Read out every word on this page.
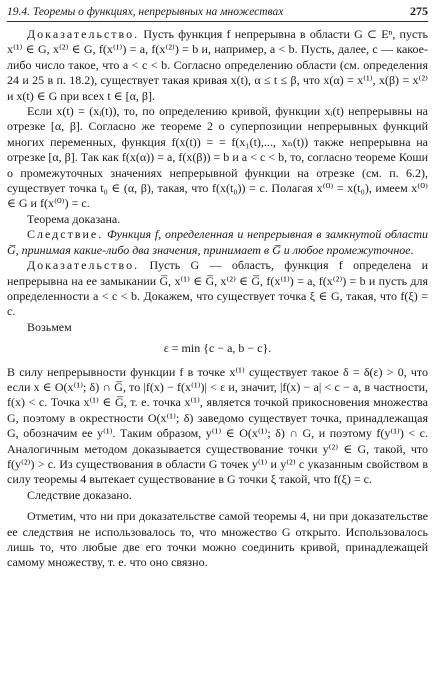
19.4. Теоремы о функциях, непрерывных на множествах	275

Доказательство. Пусть функция f непрерывна в области G ⊂ Eⁿ, пусть x⁽¹⁾ ∈ G, x⁽²⁾ ∈ G, f(x⁽¹⁾) = a, f(x⁽²⁾) = b и, например, a < b. Пусть, далее, c — какое-либо число такое, что a < c < b. Согласно определению области (см. определения 24 и 25 в п. 18.2), существует такая кривая x(t), α ≤ t ≤ β, что x(α) = x⁽¹⁾, x(β) = x⁽²⁾ и x(t) ∈ G при всех t ∈ [α, β].

Если x(t) = (xᵢ(t)), то, по определению кривой, функции xᵢ(t) непрерывны на отрезке [α, β]. Согласно же теореме 2 о суперпозиции непрерывных функций многих переменных, функция f(x(t)) = = f(x₁(t),..., xₙ(t)) также непрерывна на отрезке [α, β]. Так как f(x(α)) = a, f(x(β)) = b и a < c < b, то, согласно теореме Коши о промежуточных значениях непрерывной функции на отрезке (см. п. 6.2), существует точка t₀ ∈ (α, β), такая, что f(x(t₀)) = c. Полагая x⁽⁰⁾ = x(t₀), имеем x⁽⁰⁾ ∈ G и f(x⁽⁰⁾) = c.

Теорема доказана.

Следствие. Функция f, определенная и непрерывная в замкнутой области G̅, принимая какие-либо два значения, принимает в G̅ и любое промежуточное.

Доказательство. Пусть G — область, функция f определена и непрерывна на ее замыкании G̅, x⁽¹⁾ ∈ G̅, x⁽²⁾ ∈ G̅, f(x⁽¹⁾) = a, f(x⁽²⁾) = b и пусть для определенности a < c < b. Докажем, что существует точка ξ ∈ G, такая, что f(ξ) = c.

Возьмем

ε = min {c − a, b − c}.

В силу непрерывности функции f в точке x⁽¹⁾ существует такое δ = δ(ε) > 0, что если x ∈ O(x⁽¹⁾; δ) ∩ G̅, то |f(x) − f(x⁽¹⁾)| < ε и, значит, |f(x) − a| < c − a, в частности, f(x) < c. Точка x⁽¹⁾ ∈ G̅, т. е. точка x⁽¹⁾, является точкой прикосновения множества G, поэтому в окрестности O(x⁽¹⁾; δ) заведомо существует точка, принадлежащая G, обозначим ее y⁽¹⁾. Таким образом, y⁽¹⁾ ∈ O(x⁽¹⁾; δ) ∩ G, и поэтому f(y⁽¹⁾) < c. Аналогичным методом доказывается существование точки y⁽²⁾ ∈ G, такой, что f(y⁽²⁾) > c. Из существования в области G точек y⁽¹⁾ и y⁽²⁾ с указанным свойством в силу теоремы 4 вытекает существование в G точки ξ такой, что f(ξ) = c.

Следствие доказано.

Отметим, что ни при доказательстве самой теоремы 4, ни при доказательстве ее следствия не использовалось то, что множество G открыто. Использовалось лишь то, что любые две его точки можно соединить кривой, принадлежащей самому множеству, т. е. что оно связно.
